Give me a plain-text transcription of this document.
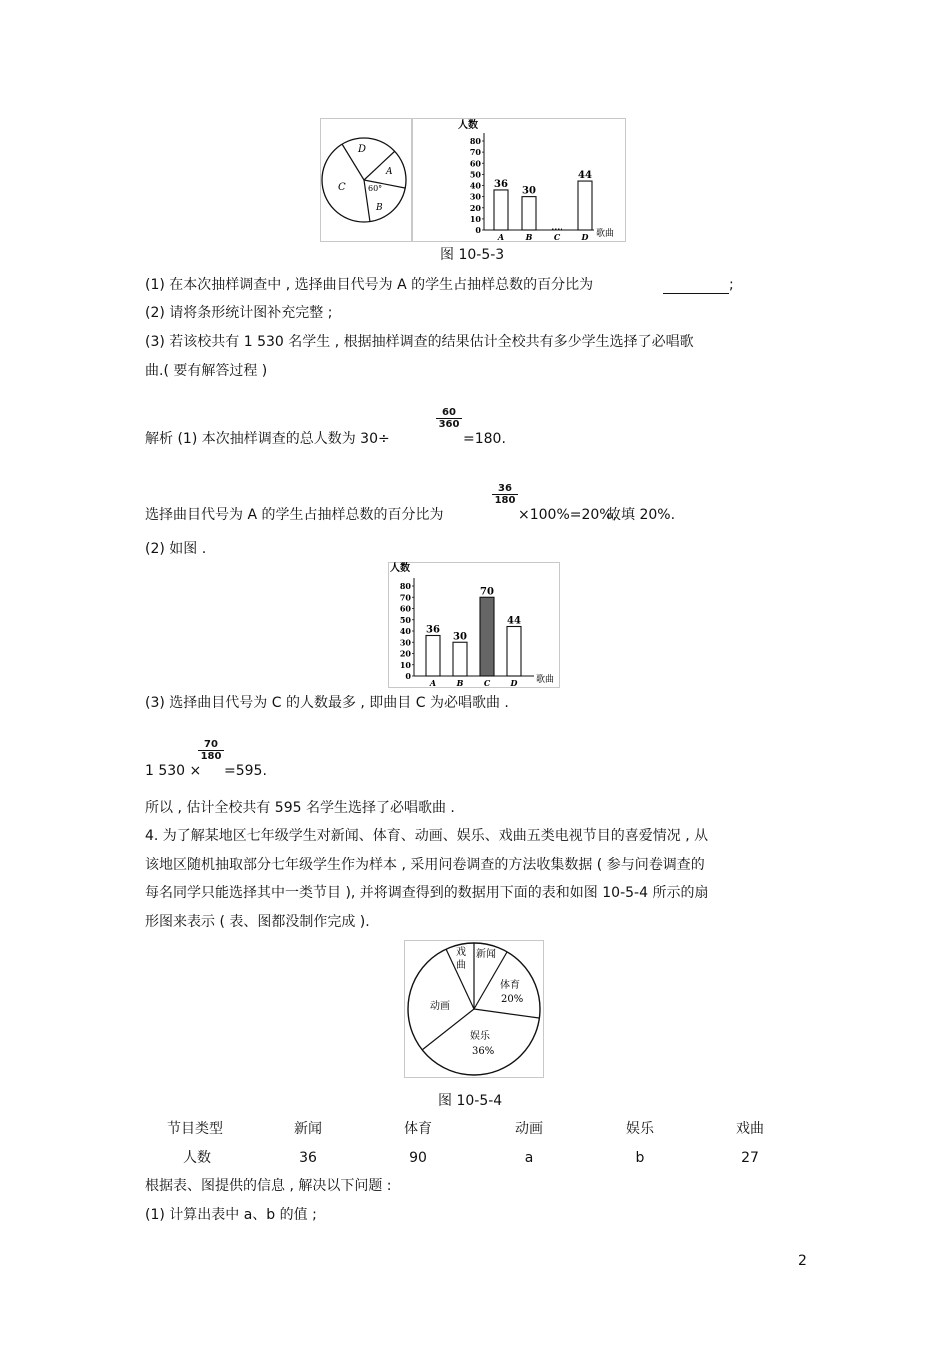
D
A
C	60°
B
人数
歌曲
0
10
20
30
40
50
60
70
80
36
A
30
B	C
44
D
图 10-5-3
(1) 在本次抽样调查中 , 选择曲目代号为 A 的学生占抽样总数的百分比为	;
(2) 请将条形统计图补充完整 ;
(3) 若该校共有 1 530 名学生 , 根据抽样调查的结果估计全校共有多少学生选择了必唱歌
曲.( 要有解答过程 )
解析 (1) 本次抽样调查的总人数为 30÷
$\frac{60}{360}$
=180.
选择曲目代号为 A 的学生占抽样总数的百分比为
$\frac{36}{180}$
×100%=20%,
故填 20%.
(2) 如图 .
人数
歌曲
0
10
20
30
40
50
60
70
80
36
A
30
B
70
C
44
D
(3) 选择曲目代号为 C 的人数最多 , 即曲目 C 为必唱歌曲 .
1 530 ×
$\frac{70}{180}$
=595.
所以 , 估计全校共有 595 名学生选择了必唱歌曲 .
4. 为了解某地区七年级学生对新闻、体育、动画、娱乐、戏曲五类电视节目的喜爱情况 , 从
该地区随机抽取部分七年级学生作为样本 , 采用问卷调查的方法收集数据 ( 参与问卷调查的
每名同学只能选择其中一类节目 ), 并将调查得到的数据用下面的表和如图 10-5-4 所示的扇
形图来表示 ( 表、图都没制作完成 ).
戏
曲
新闻
体育
20%
动画
娱乐
36%
图 10-5-4
节目类型	新闻	体育	动画	娱乐	戏曲
人数	36	90	a	b	27
根据表、图提供的信息 , 解决以下问题 :
(1) 计算出表中 a、b 的值 ;
2
